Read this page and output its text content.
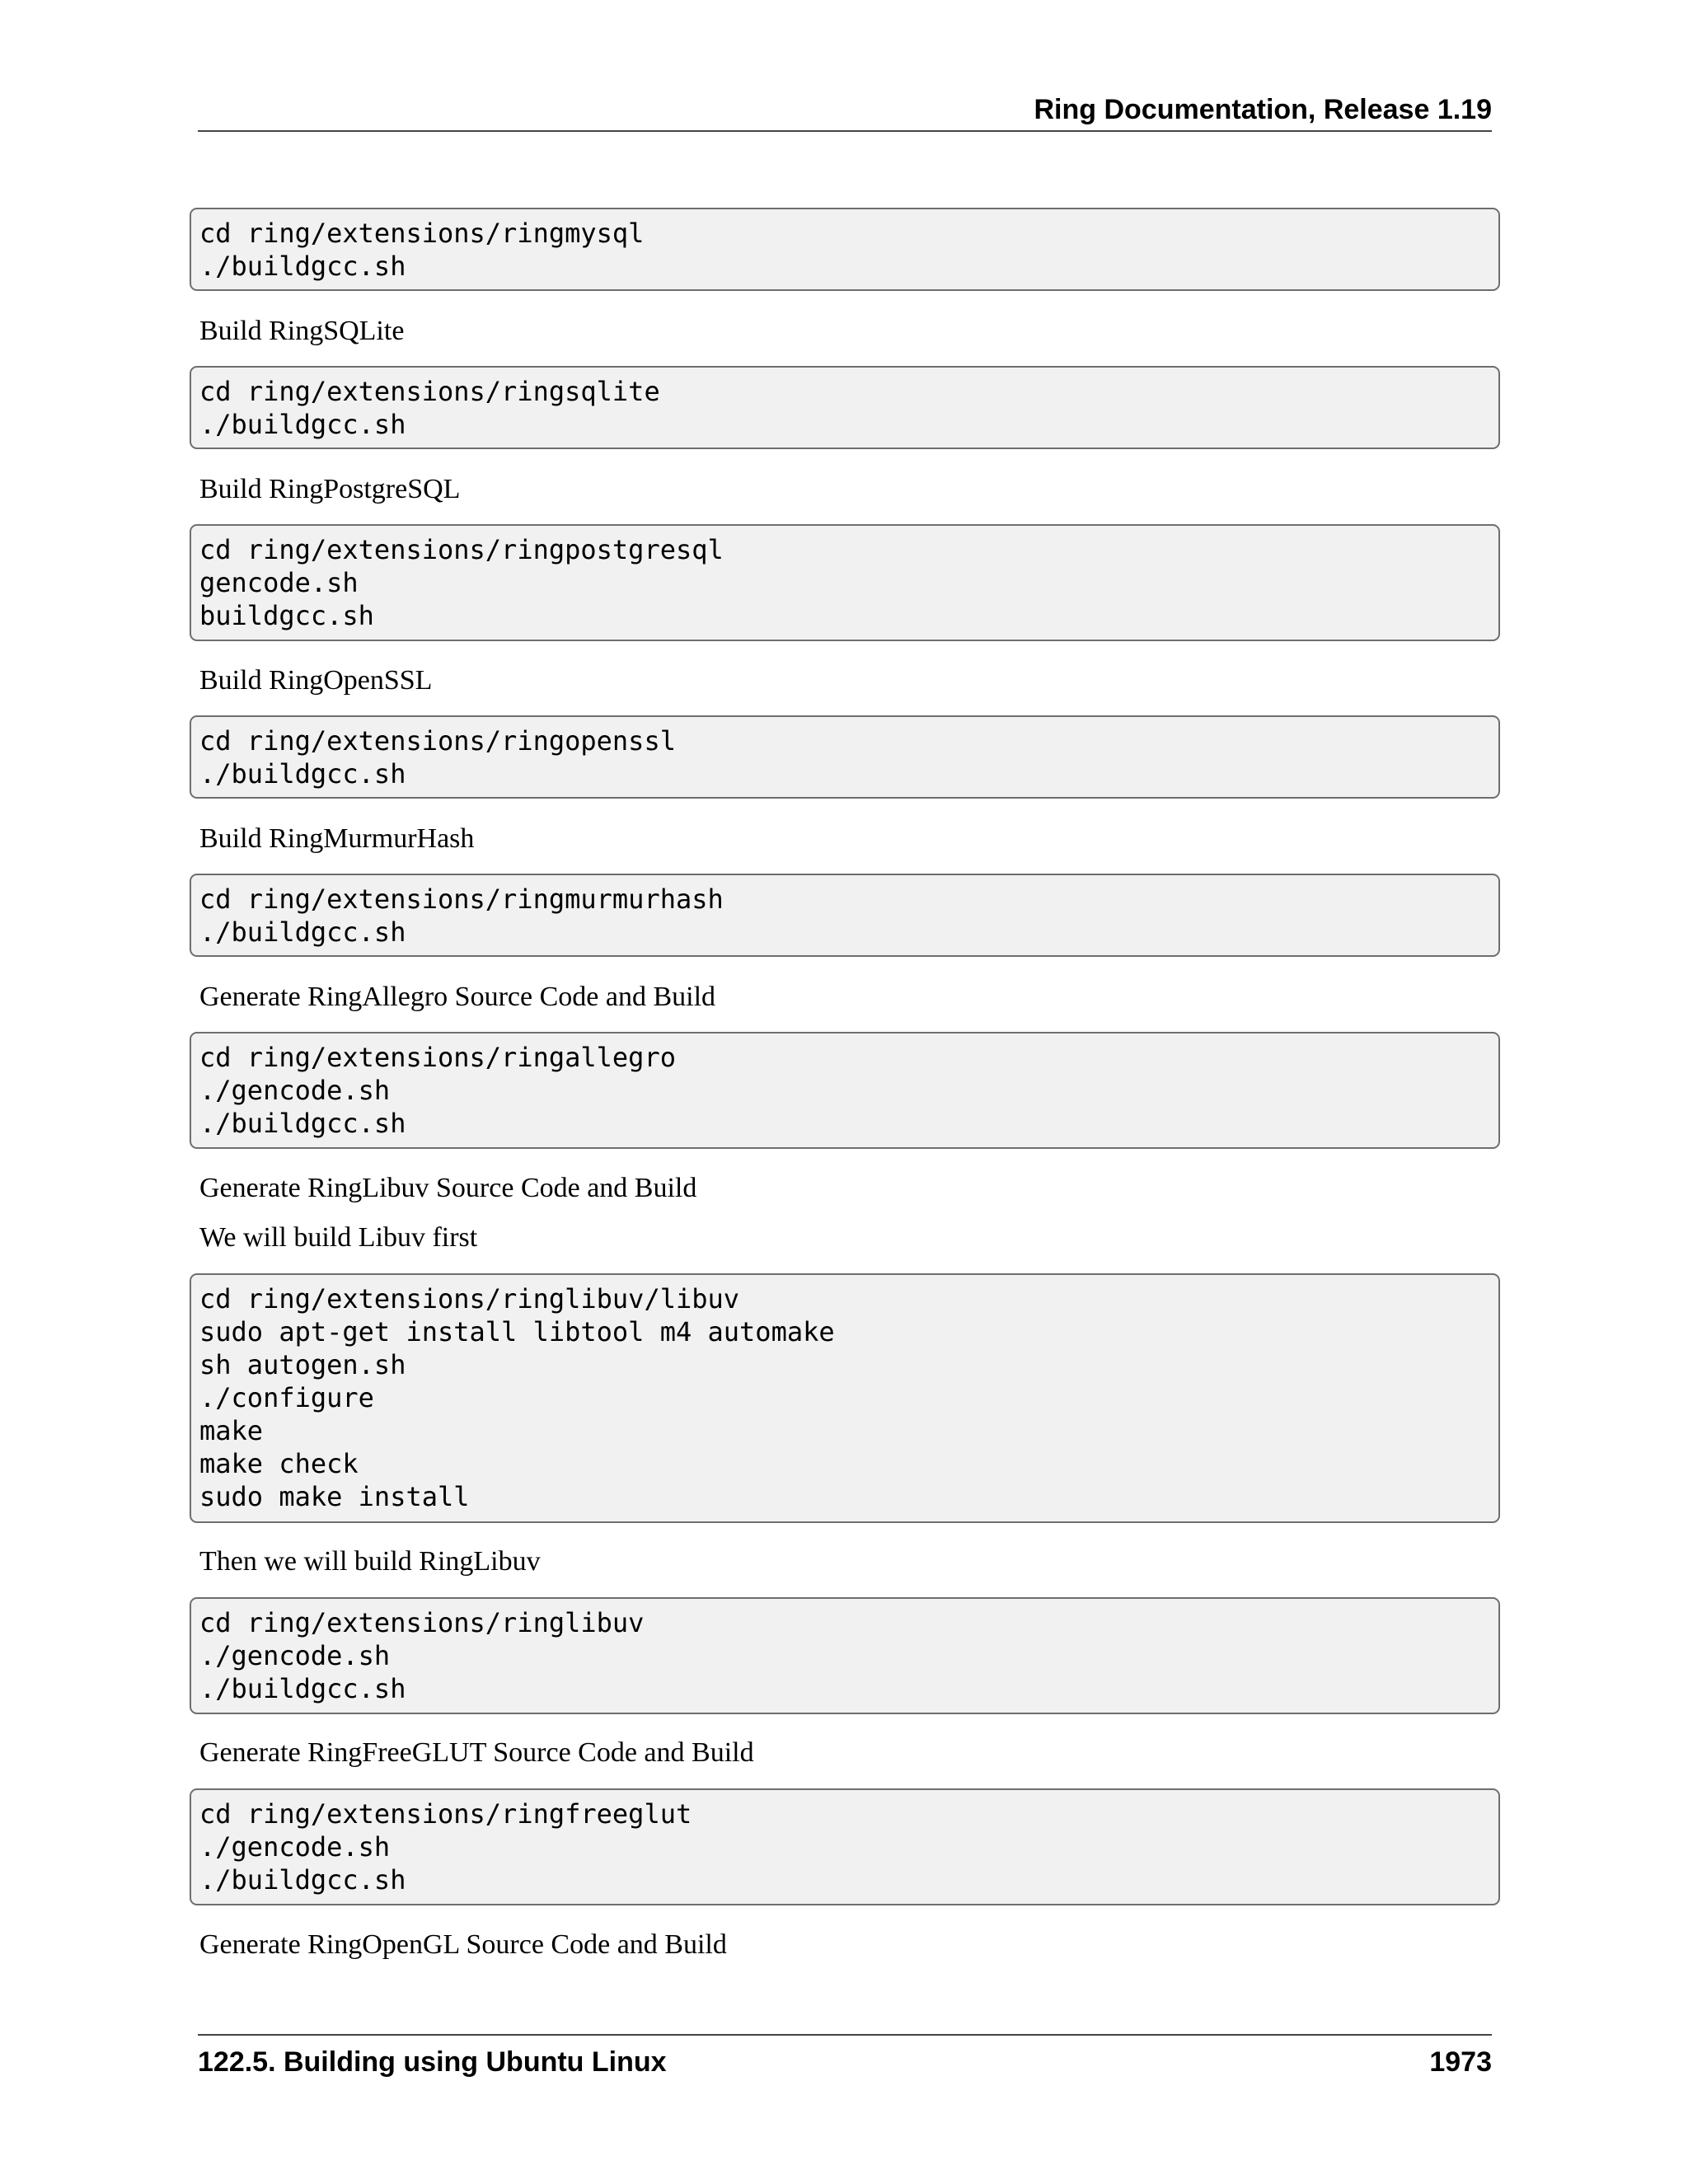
Ring Documentation, Release 1.19
cd ring/extensions/ringmysql
./buildgcc.sh
Build RingSQLite
cd ring/extensions/ringsqlite
./buildgcc.sh
Build RingPostgreSQL
cd ring/extensions/ringpostgresql
gencode.sh
buildgcc.sh
Build RingOpenSSL
cd ring/extensions/ringopenssl
./buildgcc.sh
Build RingMurmurHash
cd ring/extensions/ringmurmurhash
./buildgcc.sh
Generate RingAllegro Source Code and Build
cd ring/extensions/ringallegro
./gencode.sh
./buildgcc.sh
Generate RingLibuv Source Code and Build
We will build Libuv first
cd ring/extensions/ringlibuv/libuv
sudo apt-get install libtool m4 automake
sh autogen.sh
./configure
make
make check
sudo make install
Then we will build RingLibuv
cd ring/extensions/ringlibuv
./gencode.sh
./buildgcc.sh
Generate RingFreeGLUT Source Code and Build
cd ring/extensions/ringfreeglut
./gencode.sh
./buildgcc.sh
Generate RingOpenGL Source Code and Build
122.5. Building using Ubuntu Linux	1973
